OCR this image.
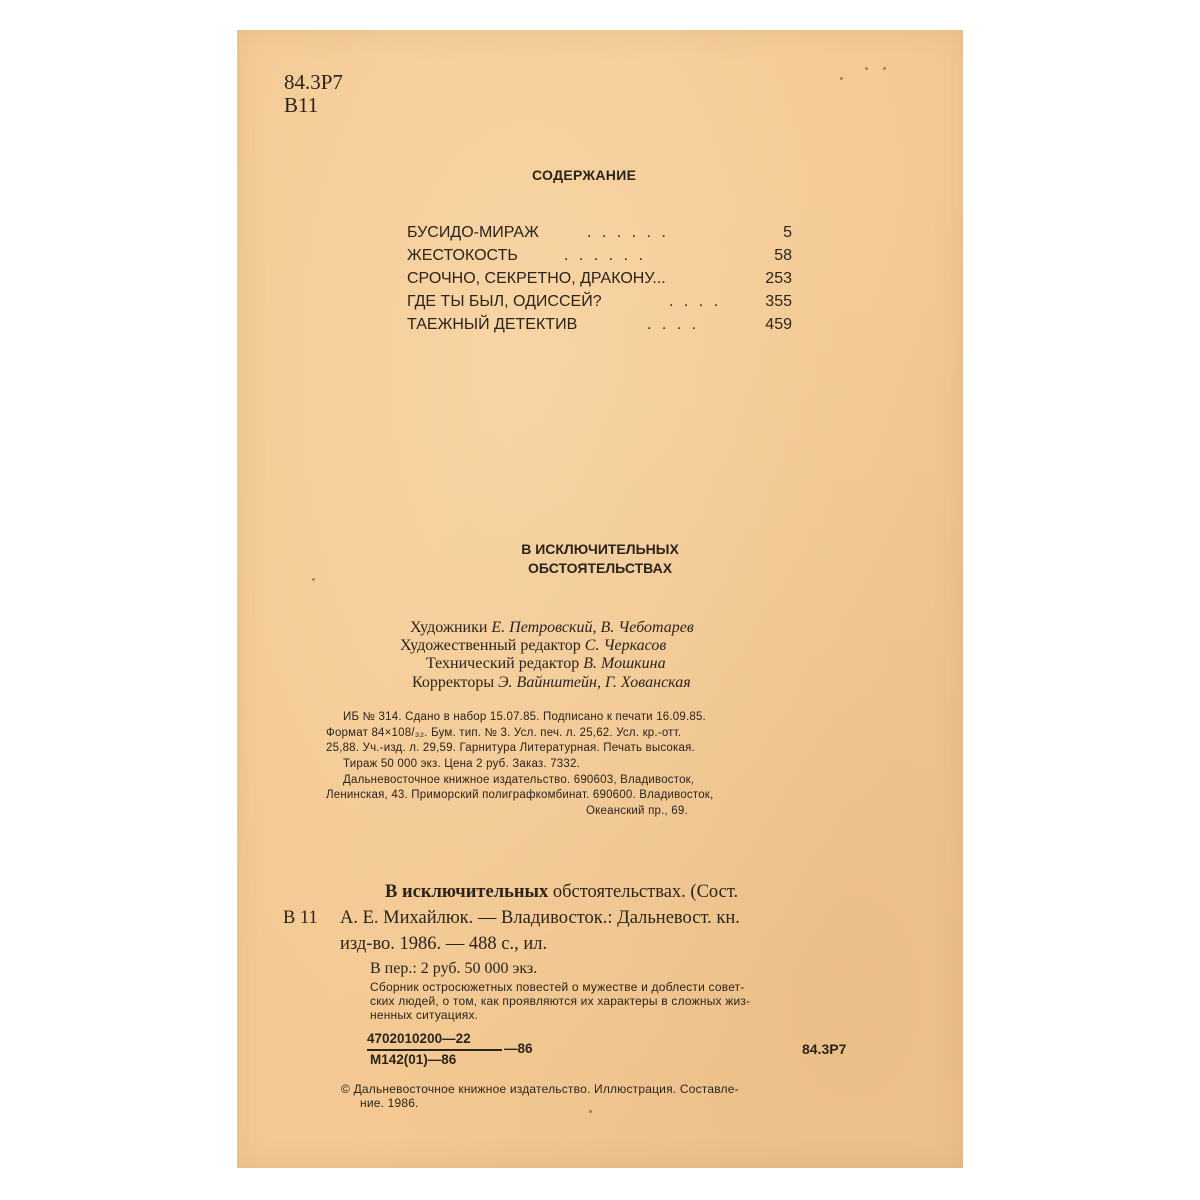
84.3Р7
В11
СОДЕРЖАНИЕ
БУСИДО-МИРАЖ	. . . . . .	5
ЖЕСТОКОСТЬ	. . . . . .	58
СРОЧНО, СЕКРЕТНО, ДРАКОНУ...	253
ГДЕ ТЫ БЫЛ, ОДИССЕЙ?	. . . .	355
ТАЕЖНЫЙ ДЕТЕКТИВ	. . . .	459
В ИСКЛЮЧИТЕЛЬНЫХ
ОБСТОЯТЕЛЬСТВАХ
Художники Е. Петровский, В. Чеботарев
Художественный редактор С. Черкасов
Технический редактор В. Мошкина
Корректоры Э. Вайнштейн, Г. Хованская
ИБ № 314. Сдано в набор 15.07.85. Подписано к печати 16.09.85.
Формат 84×108/₃₂. Бум. тип. № 3. Усл. печ. л. 25,62. Усл. кр.-отт.
25,88. Уч.-изд. л. 29,59. Гарнитура Литературная. Печать высокая.
Тираж 50 000 экз. Цена 2 руб. Заказ. 7332.
Дальневосточное книжное издательство. 690603, Владивосток,
Ленинская, 43. Приморский полиграфкомбинат. 690600. Владивосток,
Океанский пр., 69.
В 11
В исключительных обстоятельствах. (Сост.
А. Е. Михайлюк. — Владивосток.: Дальневост. кн.
изд-во. 1986. — 488 с., ил.
В пер.: 2 руб. 50 000 экз.
Сборник остросюжетных повестей о мужестве и доблести совет-
ских людей, о том, как проявляются их характеры в сложных жиз-
ненных ситуациях.
4702010200—22
М142(01)—86
—86	84.3Р7
© Дальневосточное книжное издательство. Иллюстрация. Составле-
ние. 1986.
